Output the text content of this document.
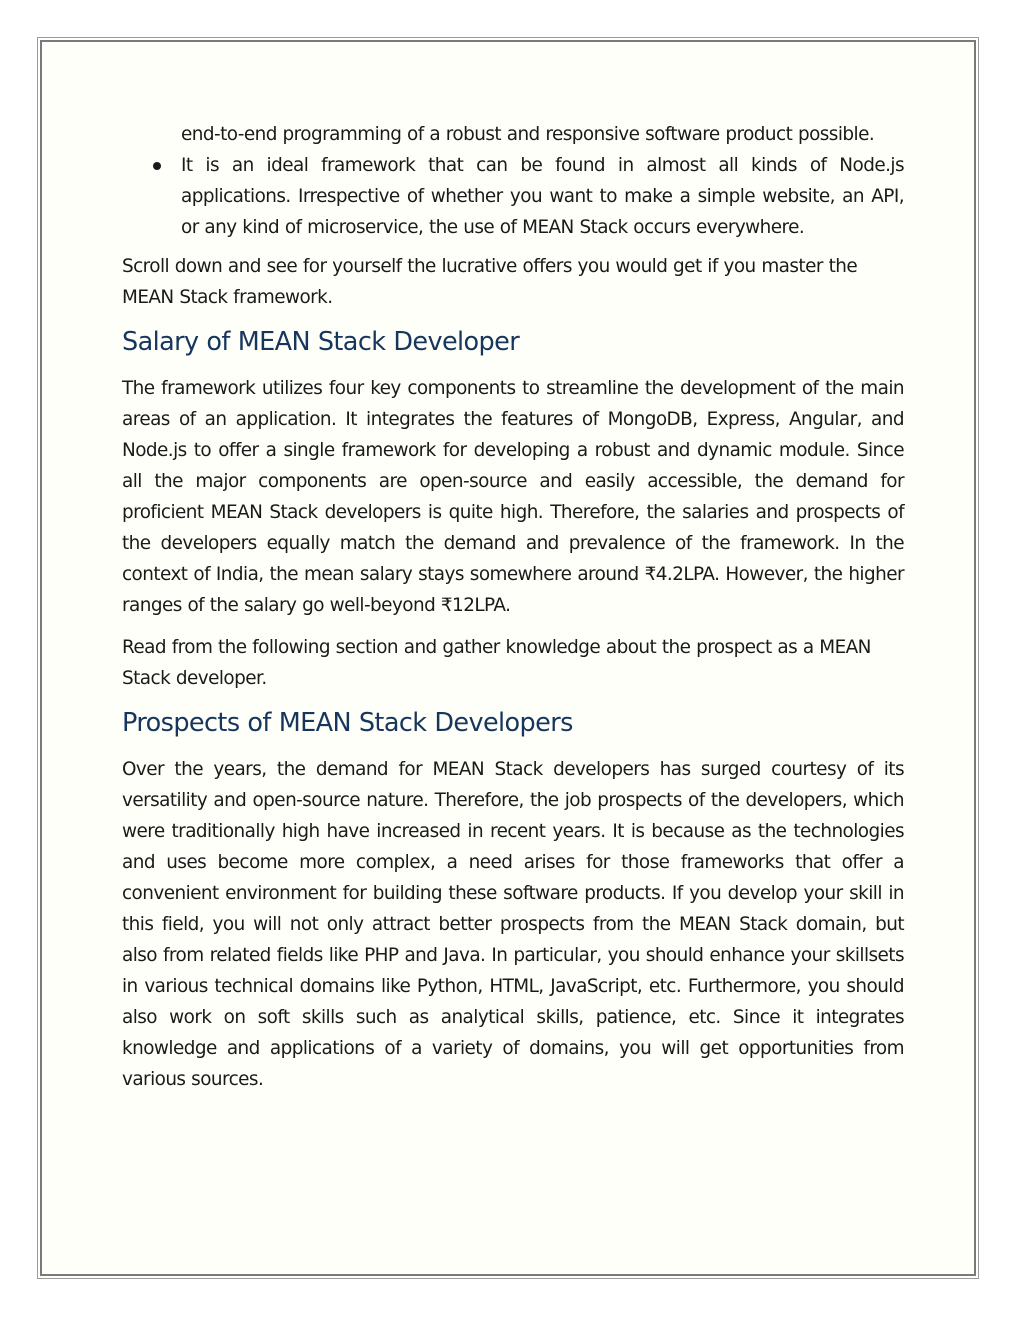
end-to-end programming of a robust and responsive software product possible.
It is an ideal framework that can be found in almost all kinds of Node.js applications. Irrespective of whether you want to make a simple website, an API, or any kind of microservice, the use of MEAN Stack occurs everywhere.

Scroll down and see for yourself the lucrative offers you would get if you master the MEAN Stack framework.

Salary of MEAN Stack Developer

The framework utilizes four key components to streamline the development of the main areas of an application. It integrates the features of MongoDB, Express, Angular, and Node.js to offer a single framework for developing a robust and dynamic module. Since all the major components are open-source and easily accessible, the demand for proficient MEAN Stack developers is quite high. Therefore, the salaries and prospects of the developers equally match the demand and prevalence of the framework. In the context of India, the mean salary stays somewhere around ₹4.2LPA. However, the higher ranges of the salary go well-beyond ₹12LPA.

Read from the following section and gather knowledge about the prospect as a MEAN Stack developer.

Prospects of MEAN Stack Developers

Over the years, the demand for MEAN Stack developers has surged courtesy of its versatility and open-source nature. Therefore, the job prospects of the developers, which were traditionally high have increased in recent years. It is because as the technologies and uses become more complex, a need arises for those frameworks that offer a convenient environment for building these software products. If you develop your skill in this field, you will not only attract better prospects from the MEAN Stack domain, but also from related fields like PHP and Java. In particular, you should enhance your skillsets in various technical domains like Python, HTML, JavaScript, etc. Furthermore, you should also work on soft skills such as analytical skills, patience, etc. Since it integrates knowledge and applications of a variety of domains, you will get opportunities from various sources.
